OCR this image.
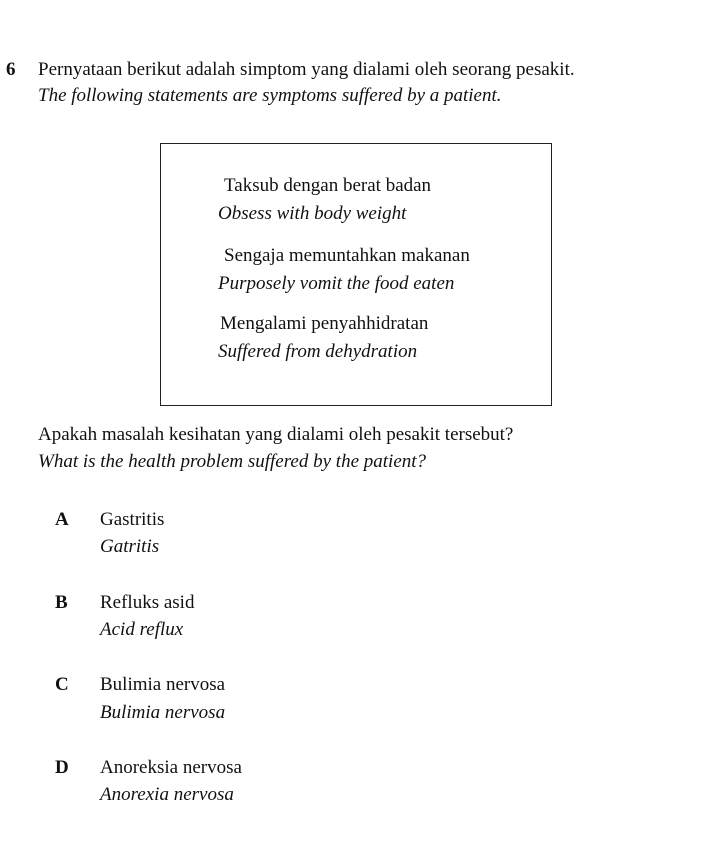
6 Pernyataan berikut adalah simptom yang dialami oleh seorang pesakit.
The following statements are symptoms suffered by a patient.
Taksub dengan berat badan
Obsess with body weight
Sengaja memuntahkan makanan
Purposely vomit the food eaten
Mengalami penyahhidratan
Suffered from dehydration
Apakah masalah kesihatan yang dialami oleh pesakit tersebut?
What is the health problem suffered by the patient?
A Gastritis
Gatritis
B Refluks asid
Acid reflux
C Bulimia nervosa
Bulimia nervosa
D Anoreksia nervosa
Anorexia nervosa
